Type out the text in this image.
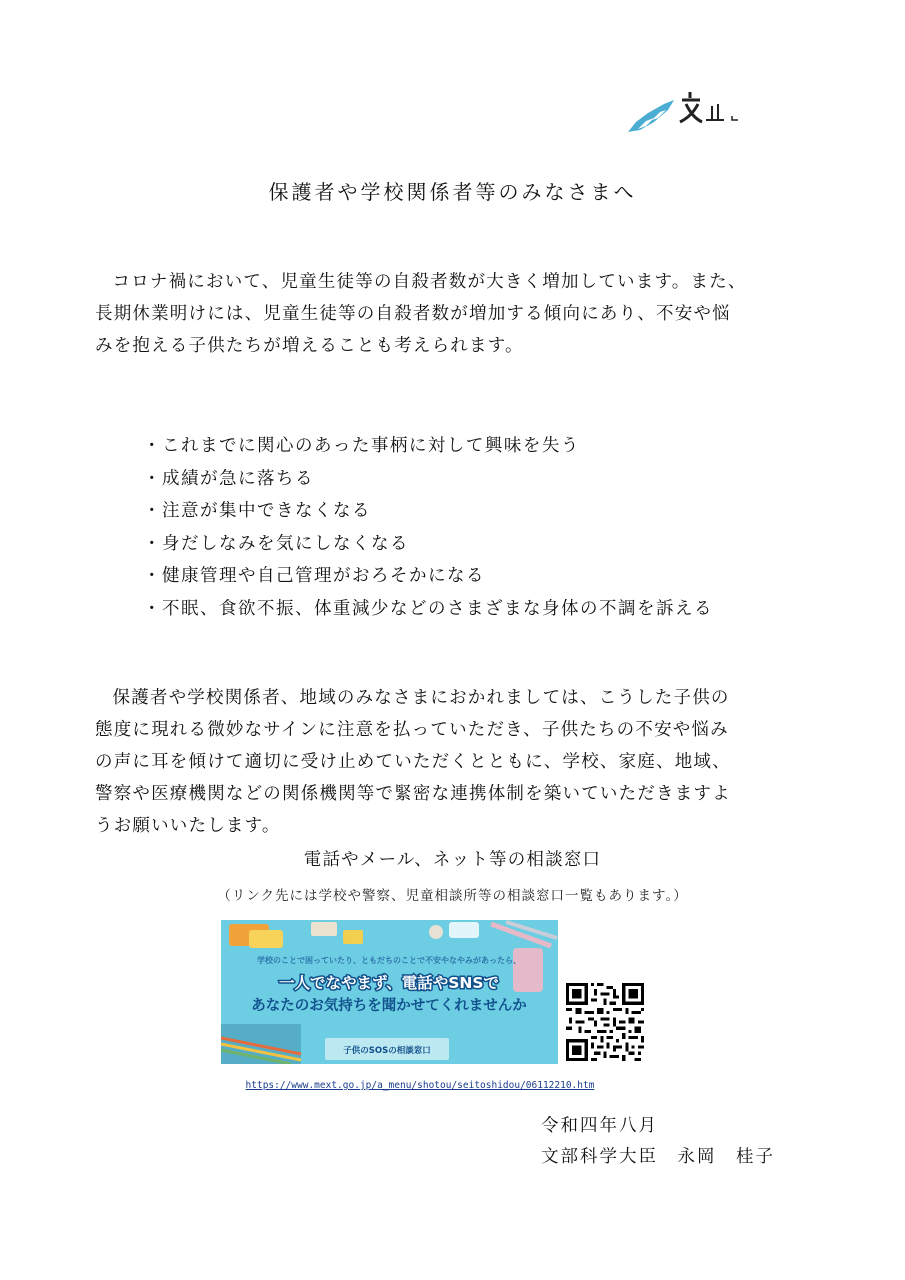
保護者や学校関係者等のみなさまへ
コロナ禍において、児童生徒等の自殺者数が大きく増加しています。また、
長期休業明けには、児童生徒等の自殺者数が増加する傾向にあり、不安や悩
みを抱える子供たちが増えることも考えられます。
・ これまでに関心のあった事柄に対して興味を失う
・ 成績が急に落ちる
・ 注意が集中できなくなる
・ 身だしなみを気にしなくなる
・ 健康管理や自己管理がおろそかになる
・ 不眠、食欲不振、体重減少などのさまざまな身体の不調を訴える
保護者や学校関係者、地域のみなさまにおかれましては、こうした子供の
態度に現れる微妙なサインに注意を払っていただき、子供たちの不安や悩み
の声に耳を傾けて適切に受け止めていただくとともに、学校、家庭、地域、
警察や医療機関などの関係機関等で緊密な連携体制を築いていただきますよ
うお願いいたします。
電話やメール、ネット等の相談窓口
（リンク先には学校や警察、児童相談所等の相談窓口一覧もあります。）
学校のことで困っていたり、ともだちのことで不安やなやみがあったら、
一人でなやまず、電話やSNSで
あなたのお気持ちを聞かせてくれませんか
子供のSOSの相談窓口
https://www.mext.go.jp/a_menu/shotou/seitoshidou/06112210.htm
令和四年八月
文部科学大臣　永岡　桂子
